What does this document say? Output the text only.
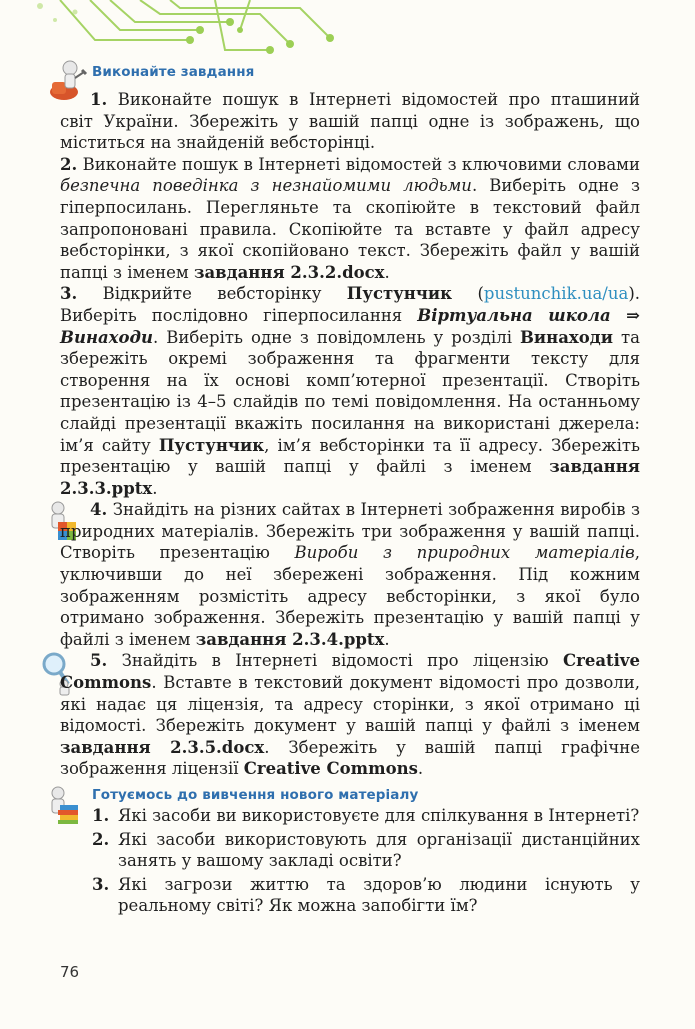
Виконайте завдання

1. Виконайте пошук в Інтернеті відомостей про пташиний світ України. Збережіть у вашій папці одне із зображень, що міститься на знайденій вебсторінці.

2. Виконайте пошук в Інтернеті відомостей з ключовими словами безпечна поведінка з незнайомими людьми. Виберіть одне з гіперпосилань. Перегляньте та скопіюйте в текстовий файл запропоновані правила. Скопіюйте та вставте у файл адресу вебсторінки, з якої скопійовано текст. Збережіть файл у вашій папці з іменем завдання 2.3.2.docx.

3. Відкрийте вебсторінку Пустунчик (pustunchik.ua/ua). Виберіть послідовно гіперпосилання Віртуальна школа ⇒ Винаходи. Виберіть одне з повідомлень у розділі Винаходи та збережіть окремі зображення та фрагменти тексту для створення на їх основі комп’ютерної презентації. Створіть презентацію із 4–5 слайдів по темі повідомлення. На останньому слайді презентації вкажіть посилання на використані джерела: ім’я сайту Пустунчик, ім’я вебсторінки та її адресу. Збережіть презентацію у вашій папці у файлі з іменем завдання 2.3.3.pptx.

4. Знайдіть на різних сайтах в Інтернеті зображення виробів з природних матеріалів. Збережіть три зображення у вашій папці. Створіть презентацію Вироби з природних матеріалів, уключивши до неї збережені зображення. Під кожним зображенням розмістіть адресу вебсторінки, з якої було отримано зображення. Збережіть презентацію у вашій папці у файлі з іменем завдання 2.3.4.pptx.

5. Знайдіть в Інтернеті відомості про ліцензію Creative Commons. Вставте в текстовий документ відомості про дозволи, які надає ця ліцензія, та адресу сторінки, з якої отримано ці відомості. Збережіть документ у вашій папці у файлі з іменем завдання 2.3.5.docx. Збережіть у вашій папці графічне зображення ліцензії Creative Commons.

Готуємось до вивчення нового матеріалу
1. Які засоби ви використовуєте для спілкування в Інтернеті?
2. Які засоби використовують для організації дистанційних занять у вашому закладі освіти?
3. Які загрози життю та здоров’ю людини існують у реальному світі? Як можна запобігти їм?
76
